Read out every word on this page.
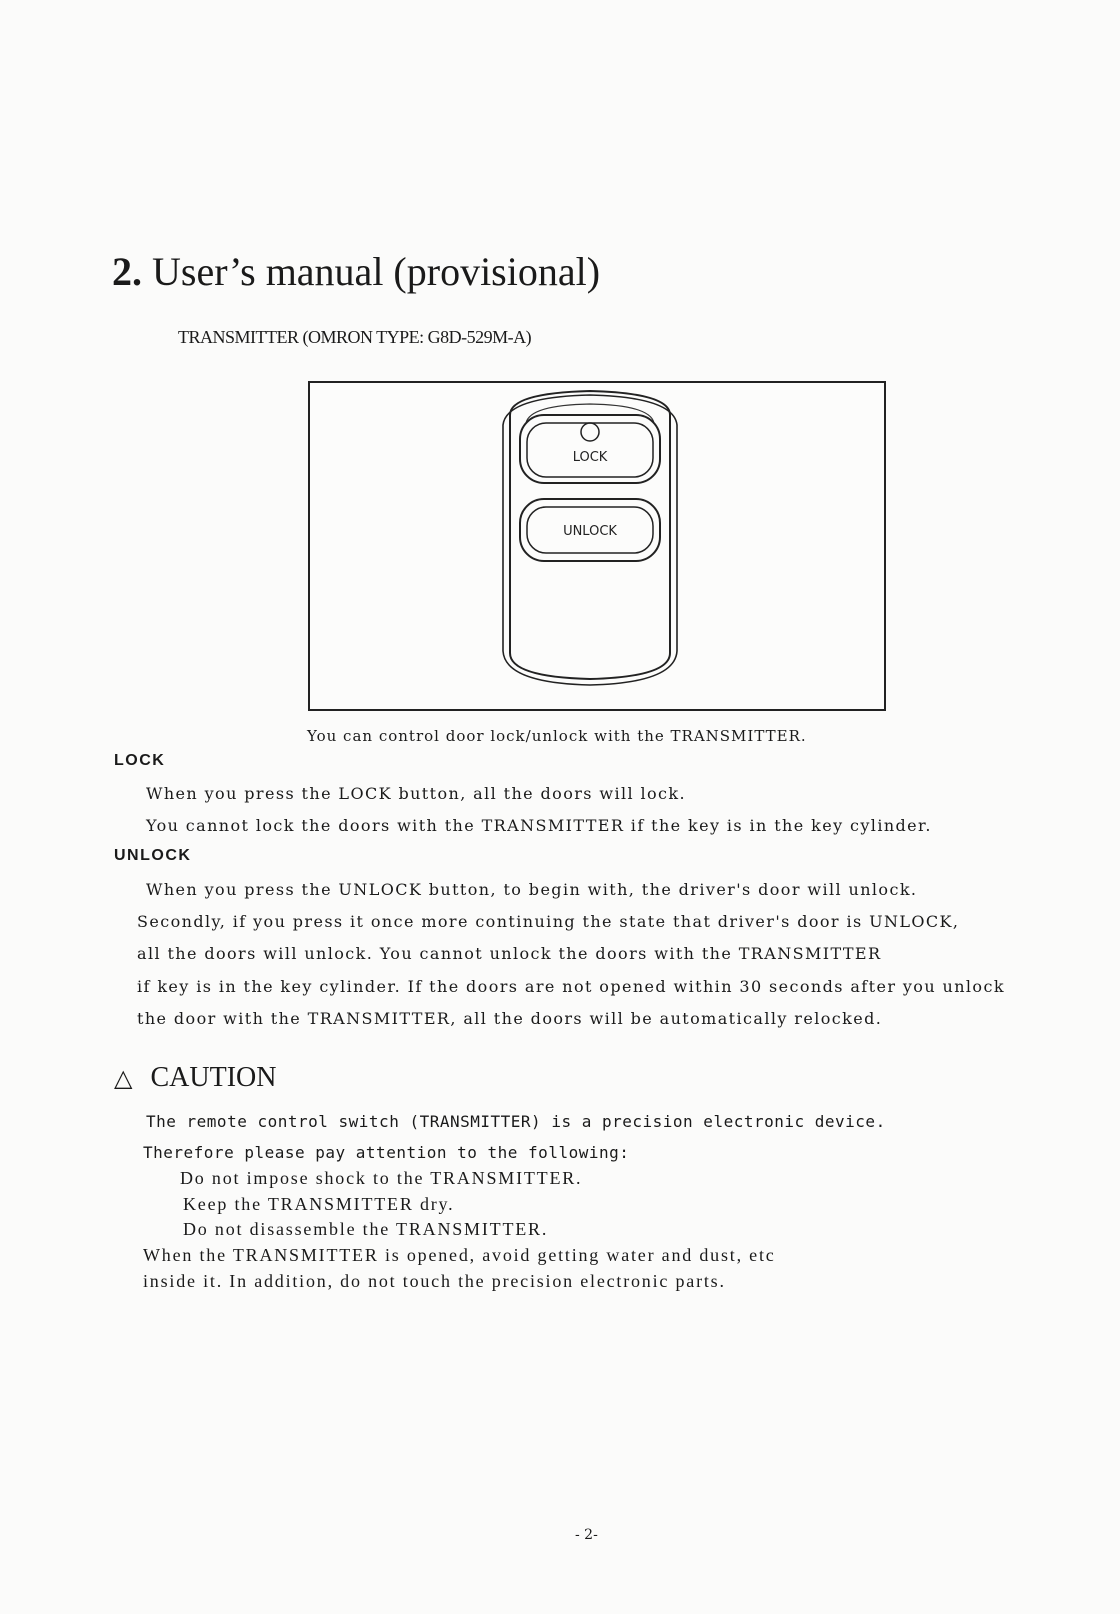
2. User’s manual (provisional)
TRANSMITTER (OMRON TYPE: G8D-529M-A)
LOCK
UNLOCK
You can control door lock/unlock with the TRANSMITTER.
LOCK
When you press the LOCK button, all the doors will lock.
You cannot lock the doors with the TRANSMITTER if the key is in the key cylinder.
UNLOCK
When you press the UNLOCK button, to begin with, the driver's door will unlock.
Secondly, if you press it once more continuing the state that driver's door is UNLOCK,
all the doors will unlock. You cannot unlock the doors with the TRANSMITTER
if key is in the key cylinder. If the doors are not opened within 30 seconds after you unlock
the door with the TRANSMITTER, all the doors will be automatically relocked.
△ CAUTION
The remote control switch (TRANSMITTER) is a precision electronic device.
Therefore please pay attention to the following:
Do not impose shock to the TRANSMITTER.
Keep the TRANSMITTER dry.
Do not disassemble the TRANSMITTER.
When the TRANSMITTER is opened, avoid getting water and dust, etc
inside it. In addition, do not touch the precision electronic parts.
- 2-
